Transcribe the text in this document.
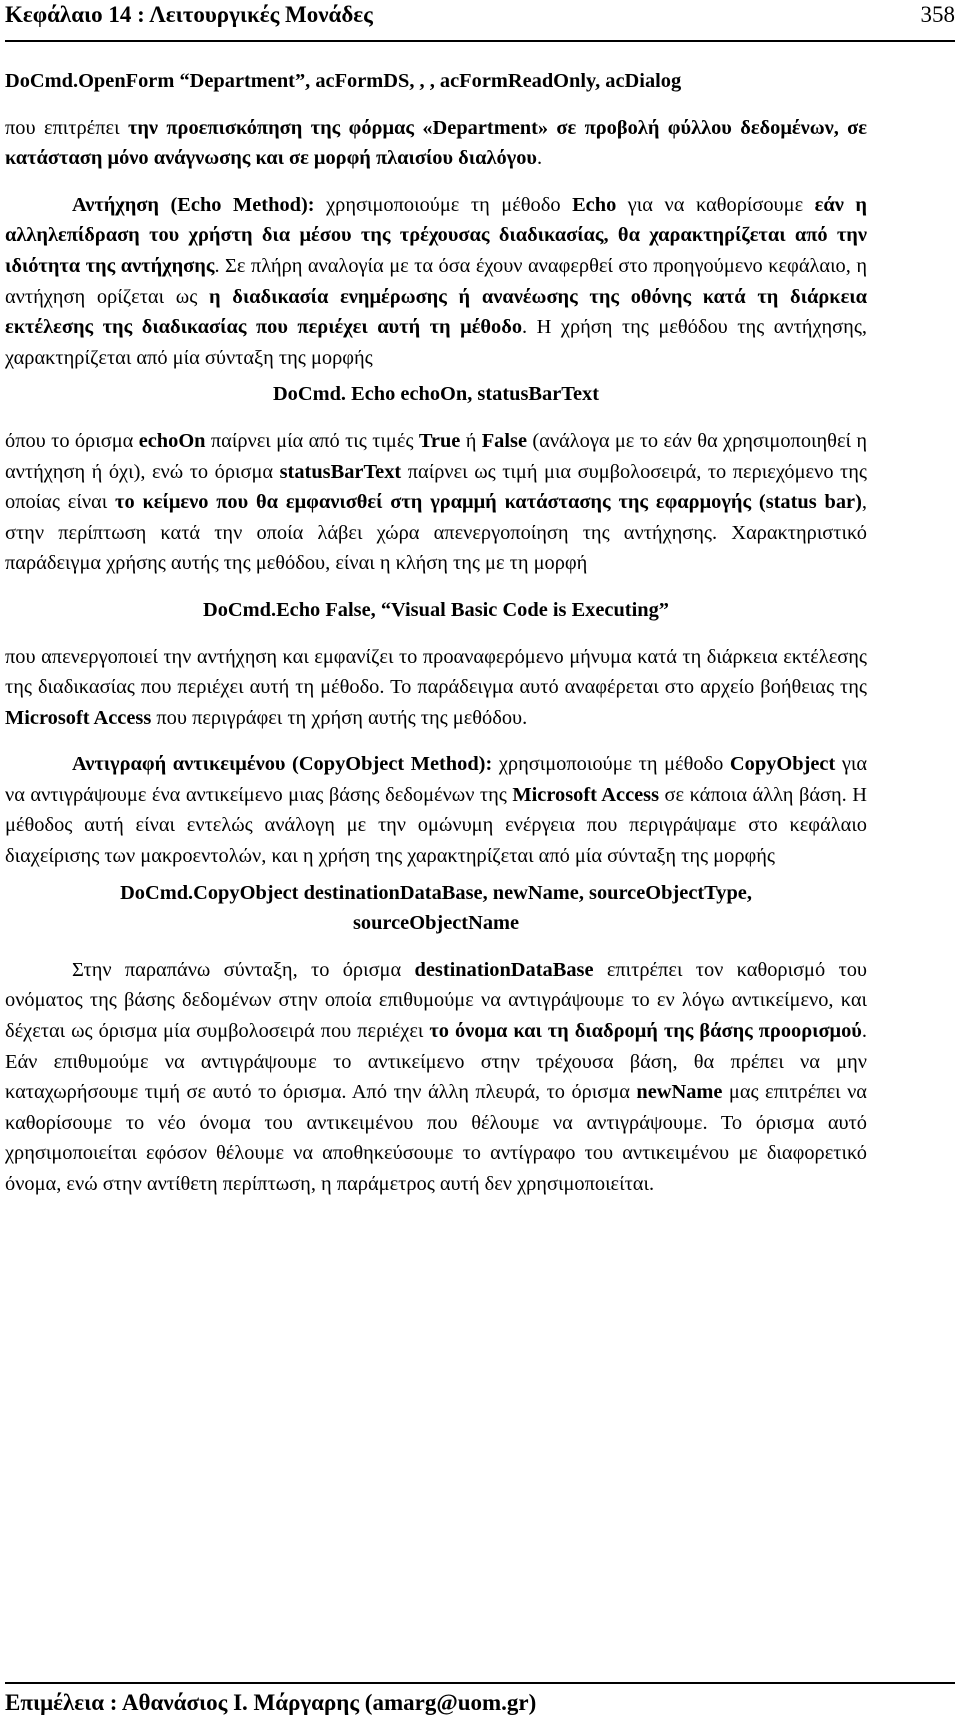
Κεφάλαιο 14 : Λειτουργικές Μονάδες	358

DoCmd.OpenForm “Department”, acFormDS, , , acFormReadOnly, acDialog

που επιτρέπει την προεπισκόπηση της φόρμας «Department» σε προβολή φύλλου δεδομένων, σε κατάσταση μόνο ανάγνωσης και σε μορφή πλαισίου διαλόγου.

Αντήχηση (Echo Method): χρησιμοποιούμε τη μέθοδο Echo για να καθορίσουμε εάν η αλληλεπίδραση του χρήστη δια μέσου της τρέχουσας διαδικασίας, θα χαρακτηρίζεται από την ιδιότητα της αντήχησης. Σε πλήρη αναλογία με τα όσα έχουν αναφερθεί στο προηγούμενο κεφάλαιο, η αντήχηση ορίζεται ως η διαδικασία ενημέρωσης ή ανανέωσης της οθόνης κατά τη διάρκεια εκτέλεσης της διαδικασίας που περιέχει αυτή τη μέθοδο. Η χρήση της μεθόδου της αντήχησης, χαρακτηρίζεται από μία σύνταξη της μορφής

DoCmd. Echo echoOn, statusBarText

όπου το όρισμα echoOn παίρνει μία από τις τιμές True ή False (ανάλογα με το εάν θα χρησιμοποιηθεί η αντήχηση ή όχι), ενώ το όρισμα statusBarText παίρνει ως τιμή μια συμβολοσειρά, το περιεχόμενο της οποίας είναι το κείμενο που θα εμφανισθεί στη γραμμή κατάστασης της εφαρμογής (status bar), στην περίπτωση κατά την οποία λάβει χώρα απενεργοποίηση της αντήχησης. Χαρακτηριστικό παράδειγμα χρήσης αυτής της μεθόδου, είναι η κλήση της με τη μορφή

DoCmd.Echo False, “Visual Basic Code is Executing”

που απενεργοποιεί την αντήχηση και εμφανίζει το προαναφερόμενο μήνυμα κατά τη διάρκεια εκτέλεσης της διαδικασίας που περιέχει αυτή τη μέθοδο. Το παράδειγμα αυτό αναφέρεται στο αρχείο βοήθειας της Microsoft Access που περιγράφει τη χρήση αυτής της μεθόδου.

Αντιγραφή αντικειμένου (CopyObject Method): χρησιμοποιούμε τη μέθοδο CopyObject για να αντιγράψουμε ένα αντικείμενο μιας βάσης δεδομένων της Microsoft Access σε κάποια άλλη βάση. Η μέθοδος αυτή είναι εντελώς ανάλογη με την ομώνυμη ενέργεια που περιγράψαμε στο κεφάλαιο διαχείρισης των μακροεντολών, και η χρήση της χαρακτηρίζεται από μία σύνταξη της μορφής

DoCmd.CopyObject destinationDataBase, newName, sourceObjectType,
sourceObjectName

Στην παραπάνω σύνταξη, το όρισμα destinationDataBase επιτρέπει τον καθορισμό του ονόματος της βάσης δεδομένων στην οποία επιθυμούμε να αντιγράψουμε το εν λόγω αντικείμενο, και δέχεται ως όρισμα μία συμβολοσειρά που περιέχει το όνομα και τη διαδρομή της βάσης προορισμού. Εάν επιθυμούμε να αντιγράψουμε το αντικείμενο στην τρέχουσα βάση, θα πρέπει να μην καταχωρήσουμε τιμή σε αυτό το όρισμα. Από την άλλη πλευρά, το όρισμα newName μας επιτρέπει να καθορίσουμε το νέο όνομα του αντικειμένου που θέλουμε να αντιγράψουμε. Το όρισμα αυτό χρησιμοποιείται εφόσον θέλουμε να αποθηκεύσουμε το αντίγραφο του αντικειμένου με διαφορετικό όνομα, ενώ στην αντίθετη περίπτωση, η παράμετρος αυτή δεν χρησιμοποιείται.

Επιμέλεια : Αθανάσιος Ι. Μάργαρης (amarg@uom.gr)
